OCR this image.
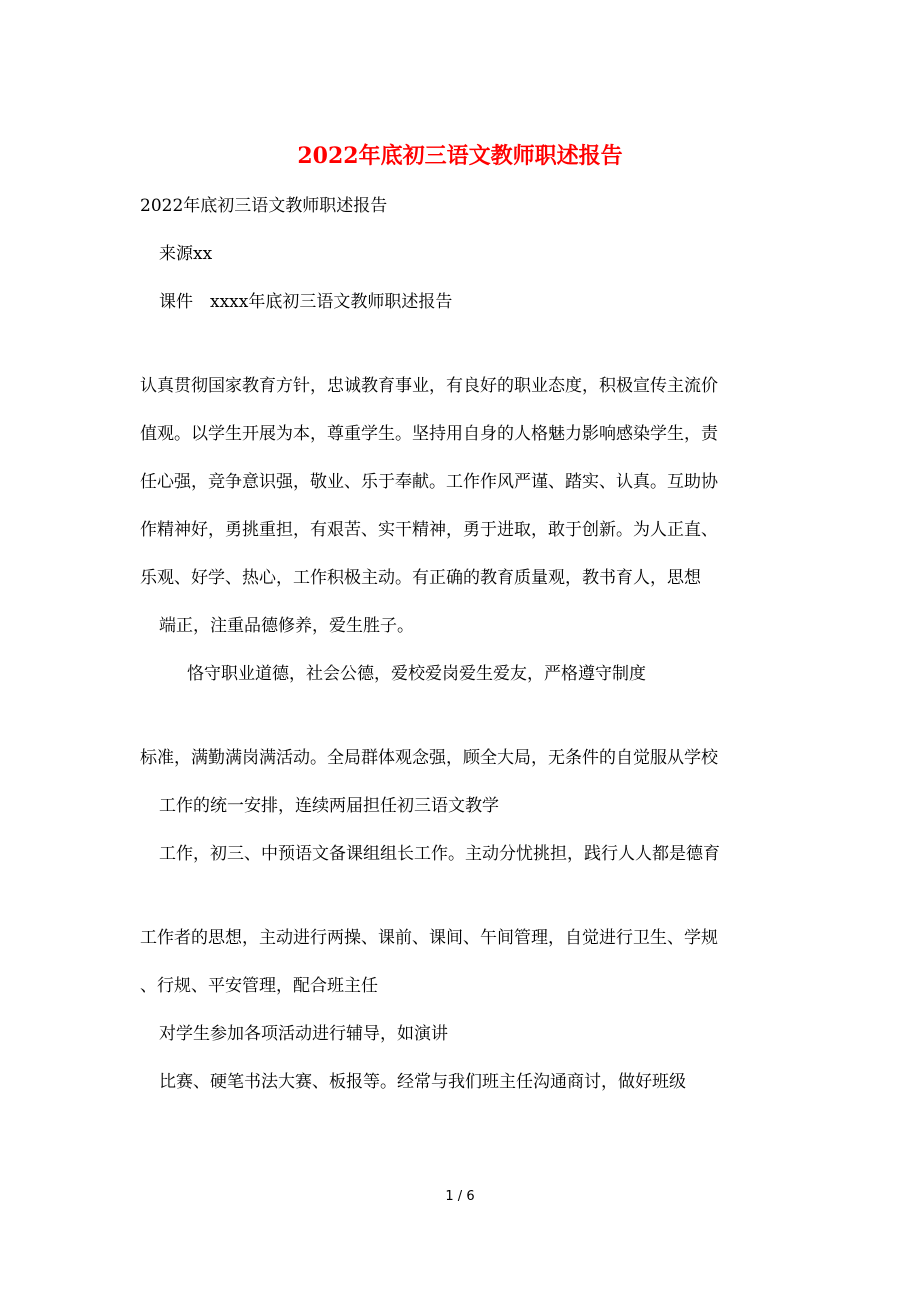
2022年底初三语文教师职述报告
2022年底初三语文教师职述报告
来源xx
课件　xxxx年底初三语文教师职述报告
认真贯彻国家教育方针，忠诚教育事业，有良好的职业态度，积极宣传主流价
值观。以学生开展为本，尊重学生。坚持用自身的人格魅力影响感染学生，责
任心强，竞争意识强，敬业、乐于奉献。工作作风严谨、踏实、认真。互助协
作精神好，勇挑重担，有艰苦、实干精神，勇于进取，敢于创新。为人正直、
乐观、好学、热心，工作积极主动。有正确的教育质量观，教书育人，思想
端正，注重品德修养，爱生胜子。
恪守职业道德，社会公德，爱校爱岗爱生爱友，严格遵守制度
标准，满勤满岗满活动。全局群体观念强，顾全大局，无条件的自觉服从学校
工作的统一安排，连续两届担任初三语文教学
工作，初三、中预语文备课组组长工作。主动分忧挑担，践行人人都是德育
工作者的思想，主动进行两操、课前、课间、午间管理，自觉进行卫生、学规
、行规、平安管理，配合班主任
对学生参加各项活动进行辅导，如演讲
比赛、硬笔书法大赛、板报等。经常与我们班主任沟通商讨，做好班级
1 / 6
